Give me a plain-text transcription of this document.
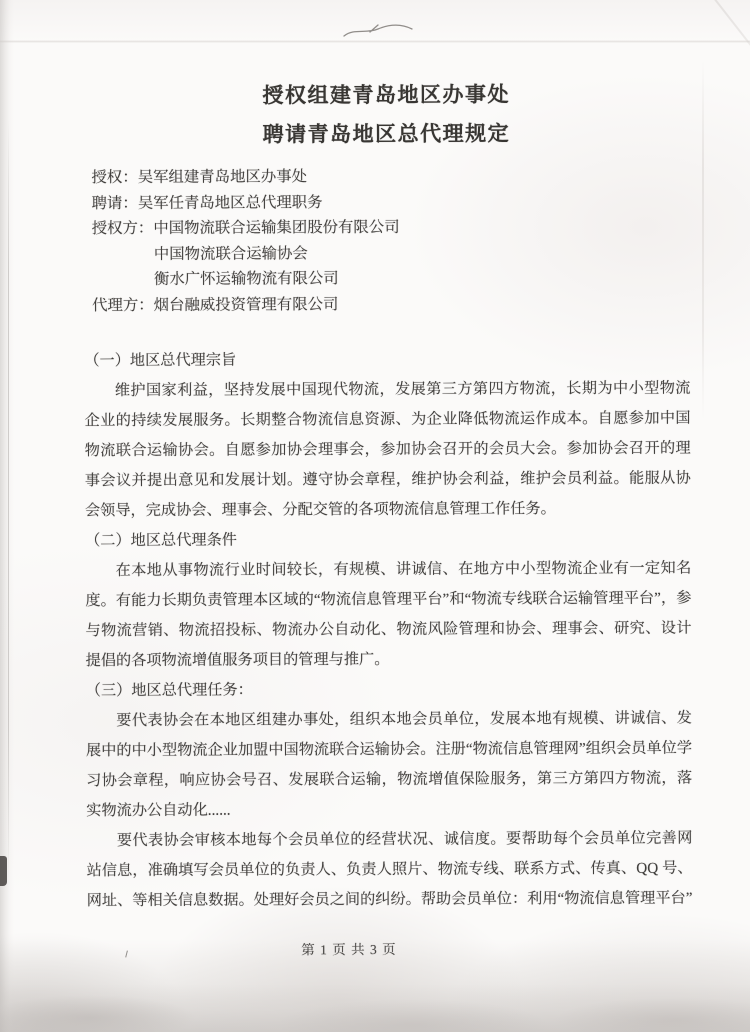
授权组建青岛地区办事处
聘请青岛地区总代理规定
授权： 吴军组建青岛地区办事处
聘请： 吴军任青岛地区总代理职务
授权方： 中国物流联合运输集团股份有限公司
中国物流联合运输协会
衡水广怀运输物流有限公司
代理方： 烟台融威投资管理有限公司
（一）地区总代理宗旨

维护国家利益，坚持发展中国现代物流，发展第三方第四方物流，长期为中小型物流企业的持续发展服务。长期整合物流信息资源、为企业降低物流运作成本。自愿参加中国物流联合运输协会。自愿参加协会理事会，参加协会召开的会员大会。参加协会召开的理事会议并提出意见和发展计划。遵守协会章程，维护协会利益，维护会员利益。能服从协会领导，完成协会、理事会、分配交管的各项物流信息管理工作任务。

（二）地区总代理条件

在本地从事物流行业时间较长，有规模、讲诚信、在地方中小型物流企业有一定知名度。有能力长期负责管理本区域的“物流信息管理平台”和“物流专线联合运输管理平台”，参与物流营销、物流招投标、物流办公自动化、物流风险管理和协会、理事会、研究、设计提倡的各项物流增值服务项目的管理与推广。

（三）地区总代理任务：

要代表协会在本地区组建办事处，组织本地会员单位，发展本地有规模、讲诚信、发展中的中小型物流企业加盟中国物流联合运输协会。注册“物流信息管理网”组织会员单位学习协会章程，响应协会号召、发展联合运输，物流增值保险服务，第三方第四方物流，落实物流办公自动化......

要代表协会审核本地每个会员单位的经营状况、诚信度。要帮助每个会员单位完善网站信息，准确填写会员单位的负责人、负责人照片、物流专线、联系方式、传真、QQ 号、网址、等相关信息数据。处理好会员之间的纠纷。帮助会员单位：利用“物流信息管理平台”

第 1 页 共 3 页
